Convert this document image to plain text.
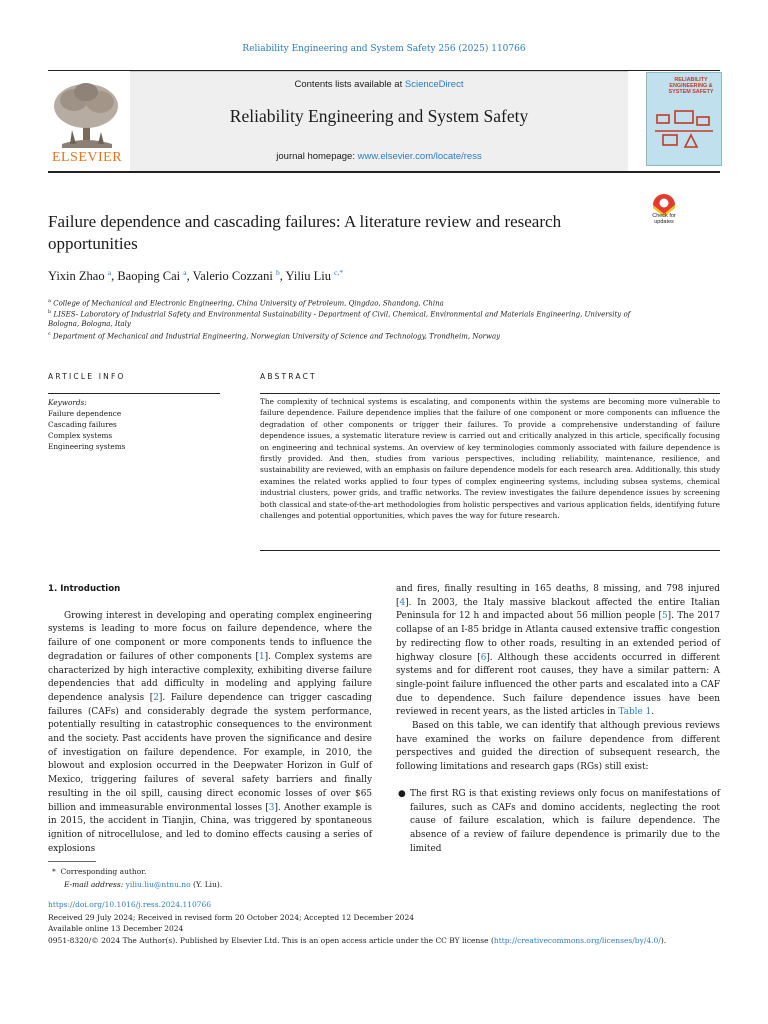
Reliability Engineering and System Safety 256 (2025) 110766
Contents lists available at ScienceDirect
Reliability Engineering and System Safety
journal homepage: www.elsevier.com/locate/ress
ELSEVIER
RELIABILITY ENGINEERING & SYSTEM SAFETY
Check for updates
Failure dependence and cascading failures: A literature review and research opportunities
Yixin Zhao $^a$, Baoping Cai $^a$, Valerio Cozzani $^b$, Yiliu Liu $^{c,*}$
$^a$ College of Mechanical and Electronic Engineering, China University of Petroleum, Qingdao, Shandong, China
$^b$ LISES- Laboratory of Industrial Safety and Environmental Sustainability - Department of Civil, Chemical, Environmental and Materials Engineering, University of Bologna, Bologna, Italy
$^c$ Department of Mechanical and Industrial Engineering, Norwegian University of Science and Technology, Trondheim, Norway
ARTICLE INFO	ABSTRACT
Keywords:
Failure dependence
Cascading failures
Complex systems
Engineering systems
The complexity of technical systems is escalating, and components within the systems are becoming more vulnerable to failure dependence. Failure dependence implies that the failure of one component or more components can influence the degradation of other components or trigger their failures. To provide a comprehensive understanding of failure dependence issues, a systematic literature review is carried out and critically analyzed in this article, specifically focusing on engineering and technical systems. An overview of key terminologies commonly associated with failure dependence is firstly provided. And then, studies from various perspectives, including reliability, maintenance, resilience, and sustainability are reviewed, with an emphasis on failure dependence models for each research area. Additionally, this study examines the related works applied to four types of complex engineering systems, including subsea systems, chemical industrial clusters, power grids, and traffic networks. The review investigates the failure dependence issues by screening both classical and state-of-the-art methodologies from holistic perspectives and various application fields, identifying future challenges and potential opportunities, which paves the way for future research.

1. Introduction

Growing interest in developing and operating complex engineering systems is leading to more focus on failure dependence, where the failure of one component or more components tends to influence the degradation or failures of other components [1]. Complex systems are characterized by high interactive complexity, exhibiting diverse failure dependencies that add difficulty in modeling and applying failure dependence analysis [2]. Failure dependence can trigger cascading failures (CAFs) and considerably degrade the system performance, potentially resulting in catastrophic consequences to the environment and the society. Past accidents have proven the significance and desire of investigation on failure dependence. For example, in 2010, the blowout and explosion occurred in the Deepwater Horizon in Gulf of Mexico, triggering failures of several safety barriers and finally resulting in the oil spill, causing direct economic losses of over $65 billion and immeasurable environmental losses [3]. Another example is in 2015, the accident in Tianjin, China, was triggered by spontaneous ignition of nitrocellulose, and led to domino effects causing a series of explosions

and fires, finally resulting in 165 deaths, 8 missing, and 798 injured [4]. In 2003, the Italy massive blackout affected the entire Italian Peninsula for 12 h and impacted about 56 million people [5]. The 2017 collapse of an I-85 bridge in Atlanta caused extensive traffic congestion by redirecting flow to other roads, resulting in an extended period of highway closure [6]. Although these accidents occurred in different systems and for different root causes, they have a similar pattern: A single-point failure influenced the other parts and escalated into a CAF due to dependence. Such failure dependence issues have been reviewed in recent years, as the listed articles in Table 1.

Based on this table, we can identify that although previous reviews have examined the works on failure dependence from different perspectives and guided the direction of subsequent research, the following limitations and research gaps (RGs) still exist:

● The first RG is that existing reviews only focus on manifestations of failures, such as CAFs and domino accidents, neglecting the root cause of failure escalation, which is failure dependence. The absence of a review of failure dependence is primarily due to the limited

* Corresponding author.
E-mail address: yiliu.liu@ntnu.no (Y. Liu).
https://doi.org/10.1016/j.ress.2024.110766
Received 29 July 2024; Received in revised form 20 October 2024; Accepted 12 December 2024
Available online 13 December 2024
0951-8320/© 2024 The Author(s). Published by Elsevier Ltd. This is an open access article under the CC BY license (http://creativecommons.org/licenses/by/4.0/).
